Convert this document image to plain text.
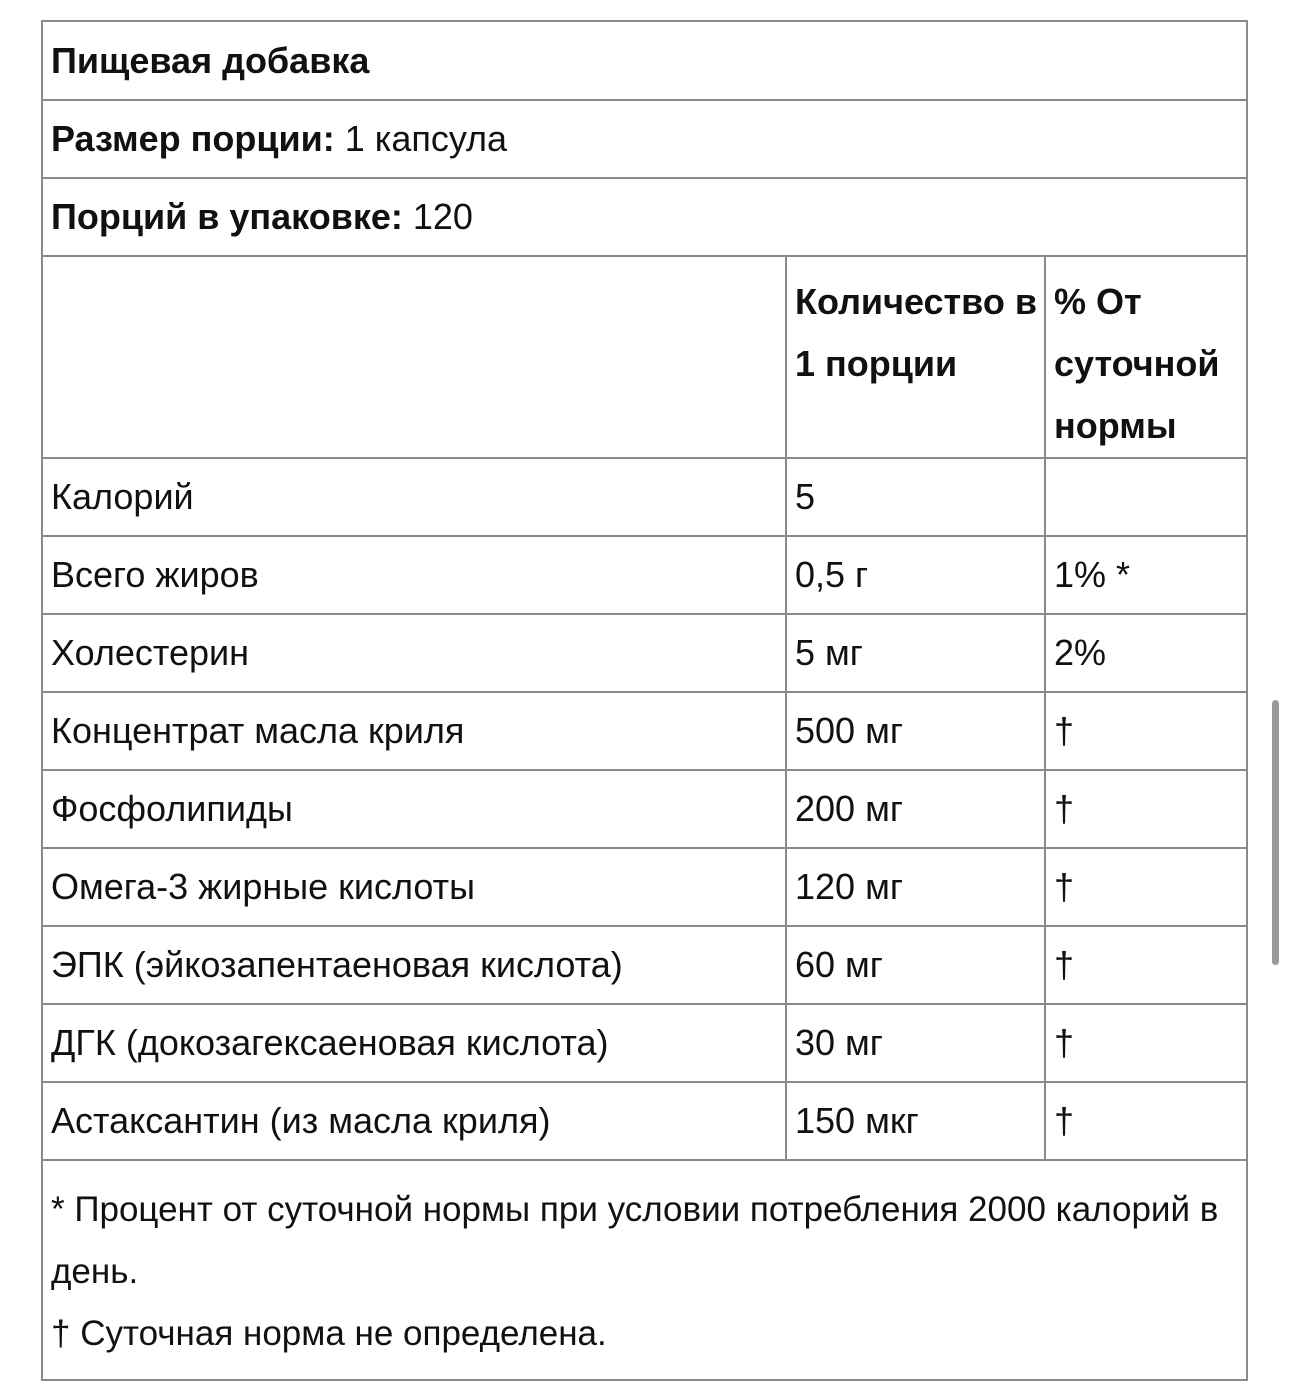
Пищевая добавка
Размер порции:
1 капсула
Порций в упаковке:
120
Количество в 1 порции
% От суточной нормы
Калорий	5
Всего жиров	0,5 г	1% *
Холестерин	5 мг	2%
Концентрат масла криля	500 мг	†
Фосфолипиды	200 мг	†
Омега-3 жирные кислоты	120 мг	†
ЭПК (эйкозапентаеновая кислота)	60 мг	†
ДГК (докозагексаеновая кислота)	30 мг	†
Астаксантин (из масла криля)	150 мкг	†

* Процент от суточной нормы при условии потребления 2000 калорий в день.

† Суточная норма не определена.
